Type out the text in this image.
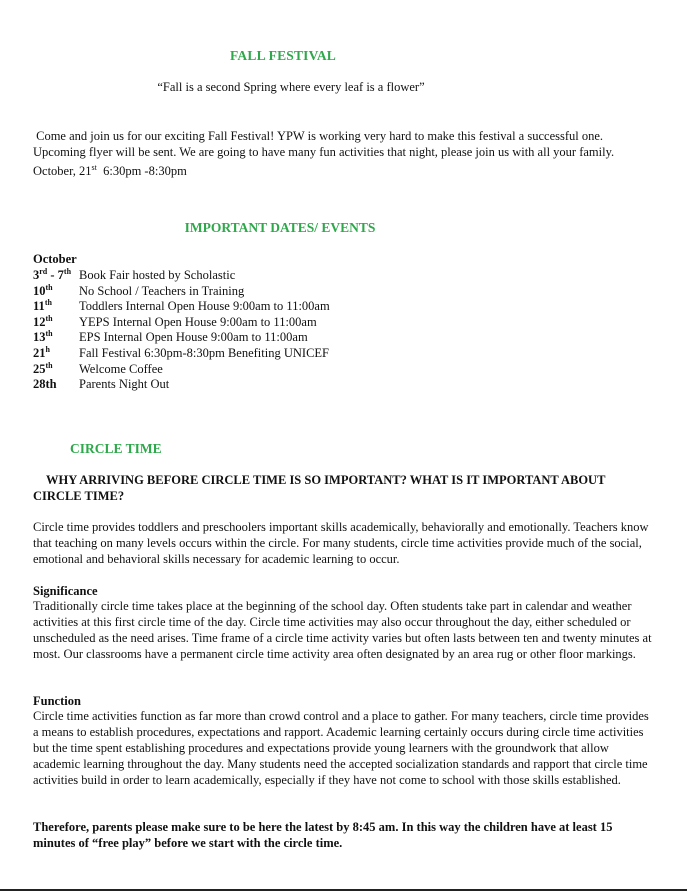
FALL FESTIVAL
“Fall is a second Spring where every leaf is a flower”
Come and join us for our exciting Fall Festival! YPW is working very hard to make this festival a successful one. Upcoming flyer will be sent. We are going to have many fun activities that night, please join us with all your family. October, 21st 6:30pm -8:30pm
IMPORTANT DATES/ EVENTS
October
3rd - 7th Book Fair hosted by Scholastic
10th No School / Teachers in Training
11th Toddlers Internal Open House 9:00am to 11:00am
12th YEPS Internal Open House 9:00am to 11:00am
13th EPS Internal Open House 9:00am to 11:00am
21$^h$ Fall Festival 6:30pm-8:30pm Benefiting UNICEF
25th Welcome Coffee
28th Parents Night Out
CIRCLE TIME
WHY ARRIVING BEFORE CIRCLE TIME IS SO IMPORTANT? WHAT IS IT IMPORTANT ABOUT CIRCLE TIME?
Circle time provides toddlers and preschoolers important skills academically, behaviorally and emotionally. Teachers know that teaching on many levels occurs within the circle. For many students, circle time activities provide much of the social, emotional and behavioral skills necessary for academic learning to occur.
Significance
Traditionally circle time takes place at the beginning of the school day. Often students take part in calendar and weather activities at this first circle time of the day. Circle time activities may also occur throughout the day, either scheduled or unscheduled as the need arises. Time frame of a circle time activity varies but often lasts between ten and twenty minutes at most. Our classrooms have a permanent circle time activity area often designated by an area rug or other floor markings.
Function
Circle time activities function as far more than crowd control and a place to gather. For many teachers, circle time provides a means to establish procedures, expectations and rapport. Academic learning certainly occurs during circle time activities but the time spent establishing procedures and expectations provide young learners with the groundwork that allow academic learning throughout the day. Many students need the accepted socialization standards and rapport that circle time activities build in order to learn academically, especially if they have not come to school with those skills established.
Therefore, parents please make sure to be here the latest by 8:45 am. In this way the children have at least 15 minutes of “free play” before we start with the circle time.
